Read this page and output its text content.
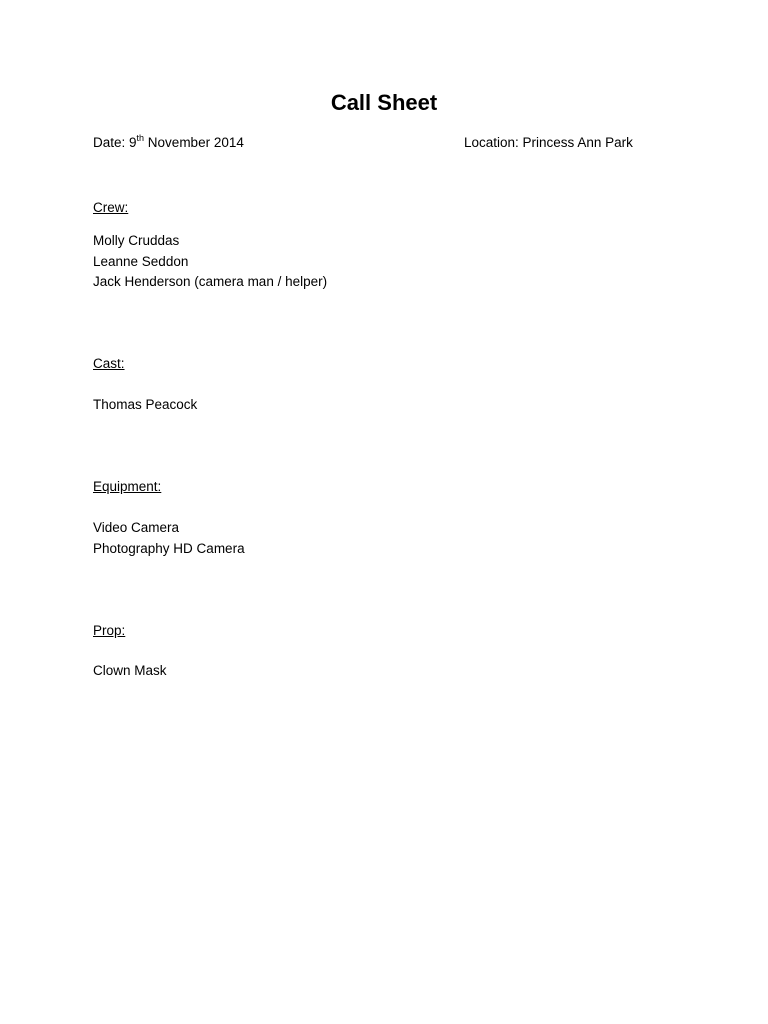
Call Sheet
Date: 9th November 2014	Location: Princess Ann Park
Crew:
Molly Cruddas
Leanne Seddon
Jack Henderson (camera man / helper)
Cast:
Thomas Peacock
Equipment:
Video Camera
Photography HD Camera
Prop:
Clown Mask
